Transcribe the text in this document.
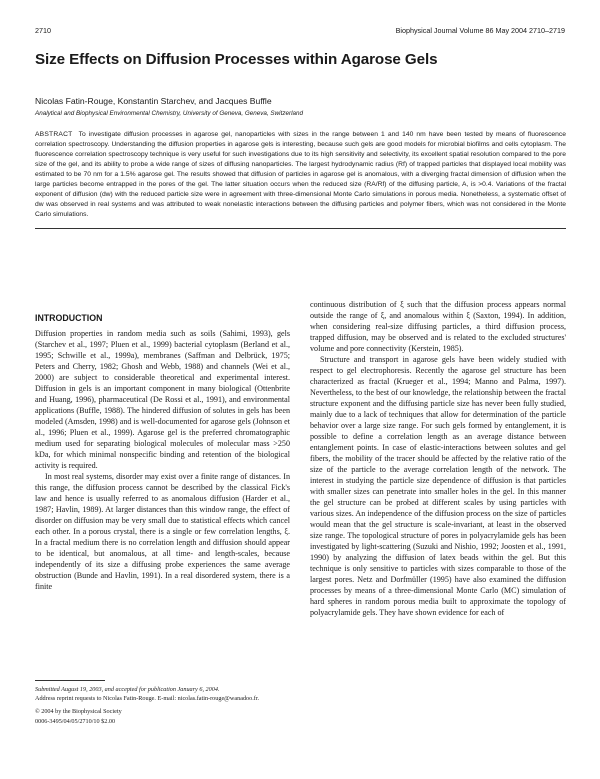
2710	Biophysical Journal Volume 86 May 2004 2710–2719
Size Effects on Diffusion Processes within Agarose Gels
Nicolas Fatin-Rouge, Konstantin Starchev, and Jacques Buffle
Analytical and Biophysical Environmental Chemistry, University of Geneva, Geneva, Switzerland
ABSTRACT To investigate diffusion processes in agarose gel, nanoparticles with sizes in the range between 1 and 140 nm have been tested by means of fluorescence correlation spectroscopy. Understanding the diffusion properties in agarose gels is interesting, because such gels are good models for microbial biofilms and cells cytoplasm. The fluorescence correlation spectroscopy technique is very useful for such investigations due to its high sensitivity and selectivity, its excellent spatial resolution compared to the pore size of the gel, and its ability to probe a wide range of sizes of diffusing nanoparticles. The largest hydrodynamic radius (Rf) of trapped particles that displayed local mobility was estimated to be 70 nm for a 1.5% agarose gel. The results showed that diffusion of particles in agarose gel is anomalous, with a diverging fractal dimension of diffusion when the large particles become entrapped in the pores of the gel. The latter situation occurs when the reduced size (RA/Rf) of the diffusing particle, A, is >0.4. Variations of the fractal exponent of diffusion (dw) with the reduced particle size were in agreement with three-dimensional Monte Carlo simulations in porous media. Nonetheless, a systematic offset of dw was observed in real systems and was attributed to weak nonelastic interactions between the diffusing particles and polymer fibers, which was not considered in the Monte Carlo simulations.
INTRODUCTION

Diffusion properties in random media such as soils (Sahimi, 1993), gels (Starchev et al., 1997; Pluen et al., 1999) bacterial cytoplasm (Berland et al., 1995; Schwille et al., 1999a), membranes (Saffman and Delbrück, 1975; Peters and Cherry, 1982; Ghosh and Webb, 1988) and channels (Wei et al., 2000) are subject to considerable theoretical and experimental interest. Diffusion in gels is an important component in many biological (Ottenbrite and Huang, 1996), pharmaceutical (De Rossi et al., 1991), and environmental applications (Buffle, 1988). The hindered diffusion of solutes in gels has been modeled (Amsden, 1998) and is well-documented for agarose gels (Johnson et al., 1996; Pluen et al., 1999). Agarose gel is the preferred chromatographic medium used for separating biological molecules of molecular mass >250 kDa, for which minimal nonspecific binding and retention of the biological activity is required.

In most real systems, disorder may exist over a finite range of distances. In this range, the diffusion process cannot be described by the classical Fick's law and hence is usually referred to as anomalous diffusion (Harder et al., 1987; Havlin, 1989). At larger distances than this window range, the effect of disorder on diffusion may be very small due to statistical effects which cancel each other. In a porous crystal, there is a single or few correlation lengths, ξ. In a fractal medium there is no correlation length and diffusion should appear to be identical, but anomalous, at all time- and length-scales, because independently of its size a diffusing probe experiences the same average obstruction (Bunde and Havlin, 1991). In a real disordered system, there is a finite

continuous distribution of ξ such that the diffusion process appears normal outside the range of ξ, and anomalous within ξ (Saxton, 1994). In addition, when considering real-size diffusing particles, a third diffusion process, trapped diffusion, may be observed and is related to the excluded structures' volume and pore connectivity (Kerstein, 1985).

Structure and transport in agarose gels have been widely studied with respect to gel electrophoresis. Recently the agarose gel structure has been characterized as fractal (Krueger et al., 1994; Manno and Palma, 1997). Nevertheless, to the best of our knowledge, the relationship between the fractal structure exponent and the diffusing particle size has never been fully studied, mainly due to a lack of techniques that allow for determination of the particle behavior over a large size range. For such gels formed by entanglement, it is possible to define a correlation length as an average distance between entanglement points. In case of elastic-interactions between solutes and gel fibers, the mobility of the tracer should be affected by the relative ratio of the size of the particle to the average correlation length of the network. The interest in studying the particle size dependence of diffusion is that particles with smaller sizes can penetrate into smaller holes in the gel. In this manner the gel structure can be probed at different scales by using particles with various sizes. An independence of the diffusion process on the size of particles would mean that the gel structure is scale-invariant, at least in the observed size range. The topological structure of pores in polyacrylamide gels has been investigated by light-scattering (Suzuki and Nishio, 1992; Joosten et al., 1991, 1990) by analyzing the diffusion of latex beads within the gel. But this technique is only sensitive to particles with sizes comparable to those of the largest pores. Netz and Dorfmüller (1995) have also examined the diffusion processes by means of a three-dimensional Monte Carlo (MC) simulation of hard spheres in random porous media built to approximate the topology of polyacrylamide gels. They have shown evidence for each of

Submitted August 19, 2003, and accepted for publication January 6, 2004.
Address reprint requests to Nicolas Fatin-Rouge. E-mail: nicolas.fatin-rouge@wanadoo.fr.
© 2004 by the Biophysical Society
0006-3495/04/05/2710/10 $2.00
